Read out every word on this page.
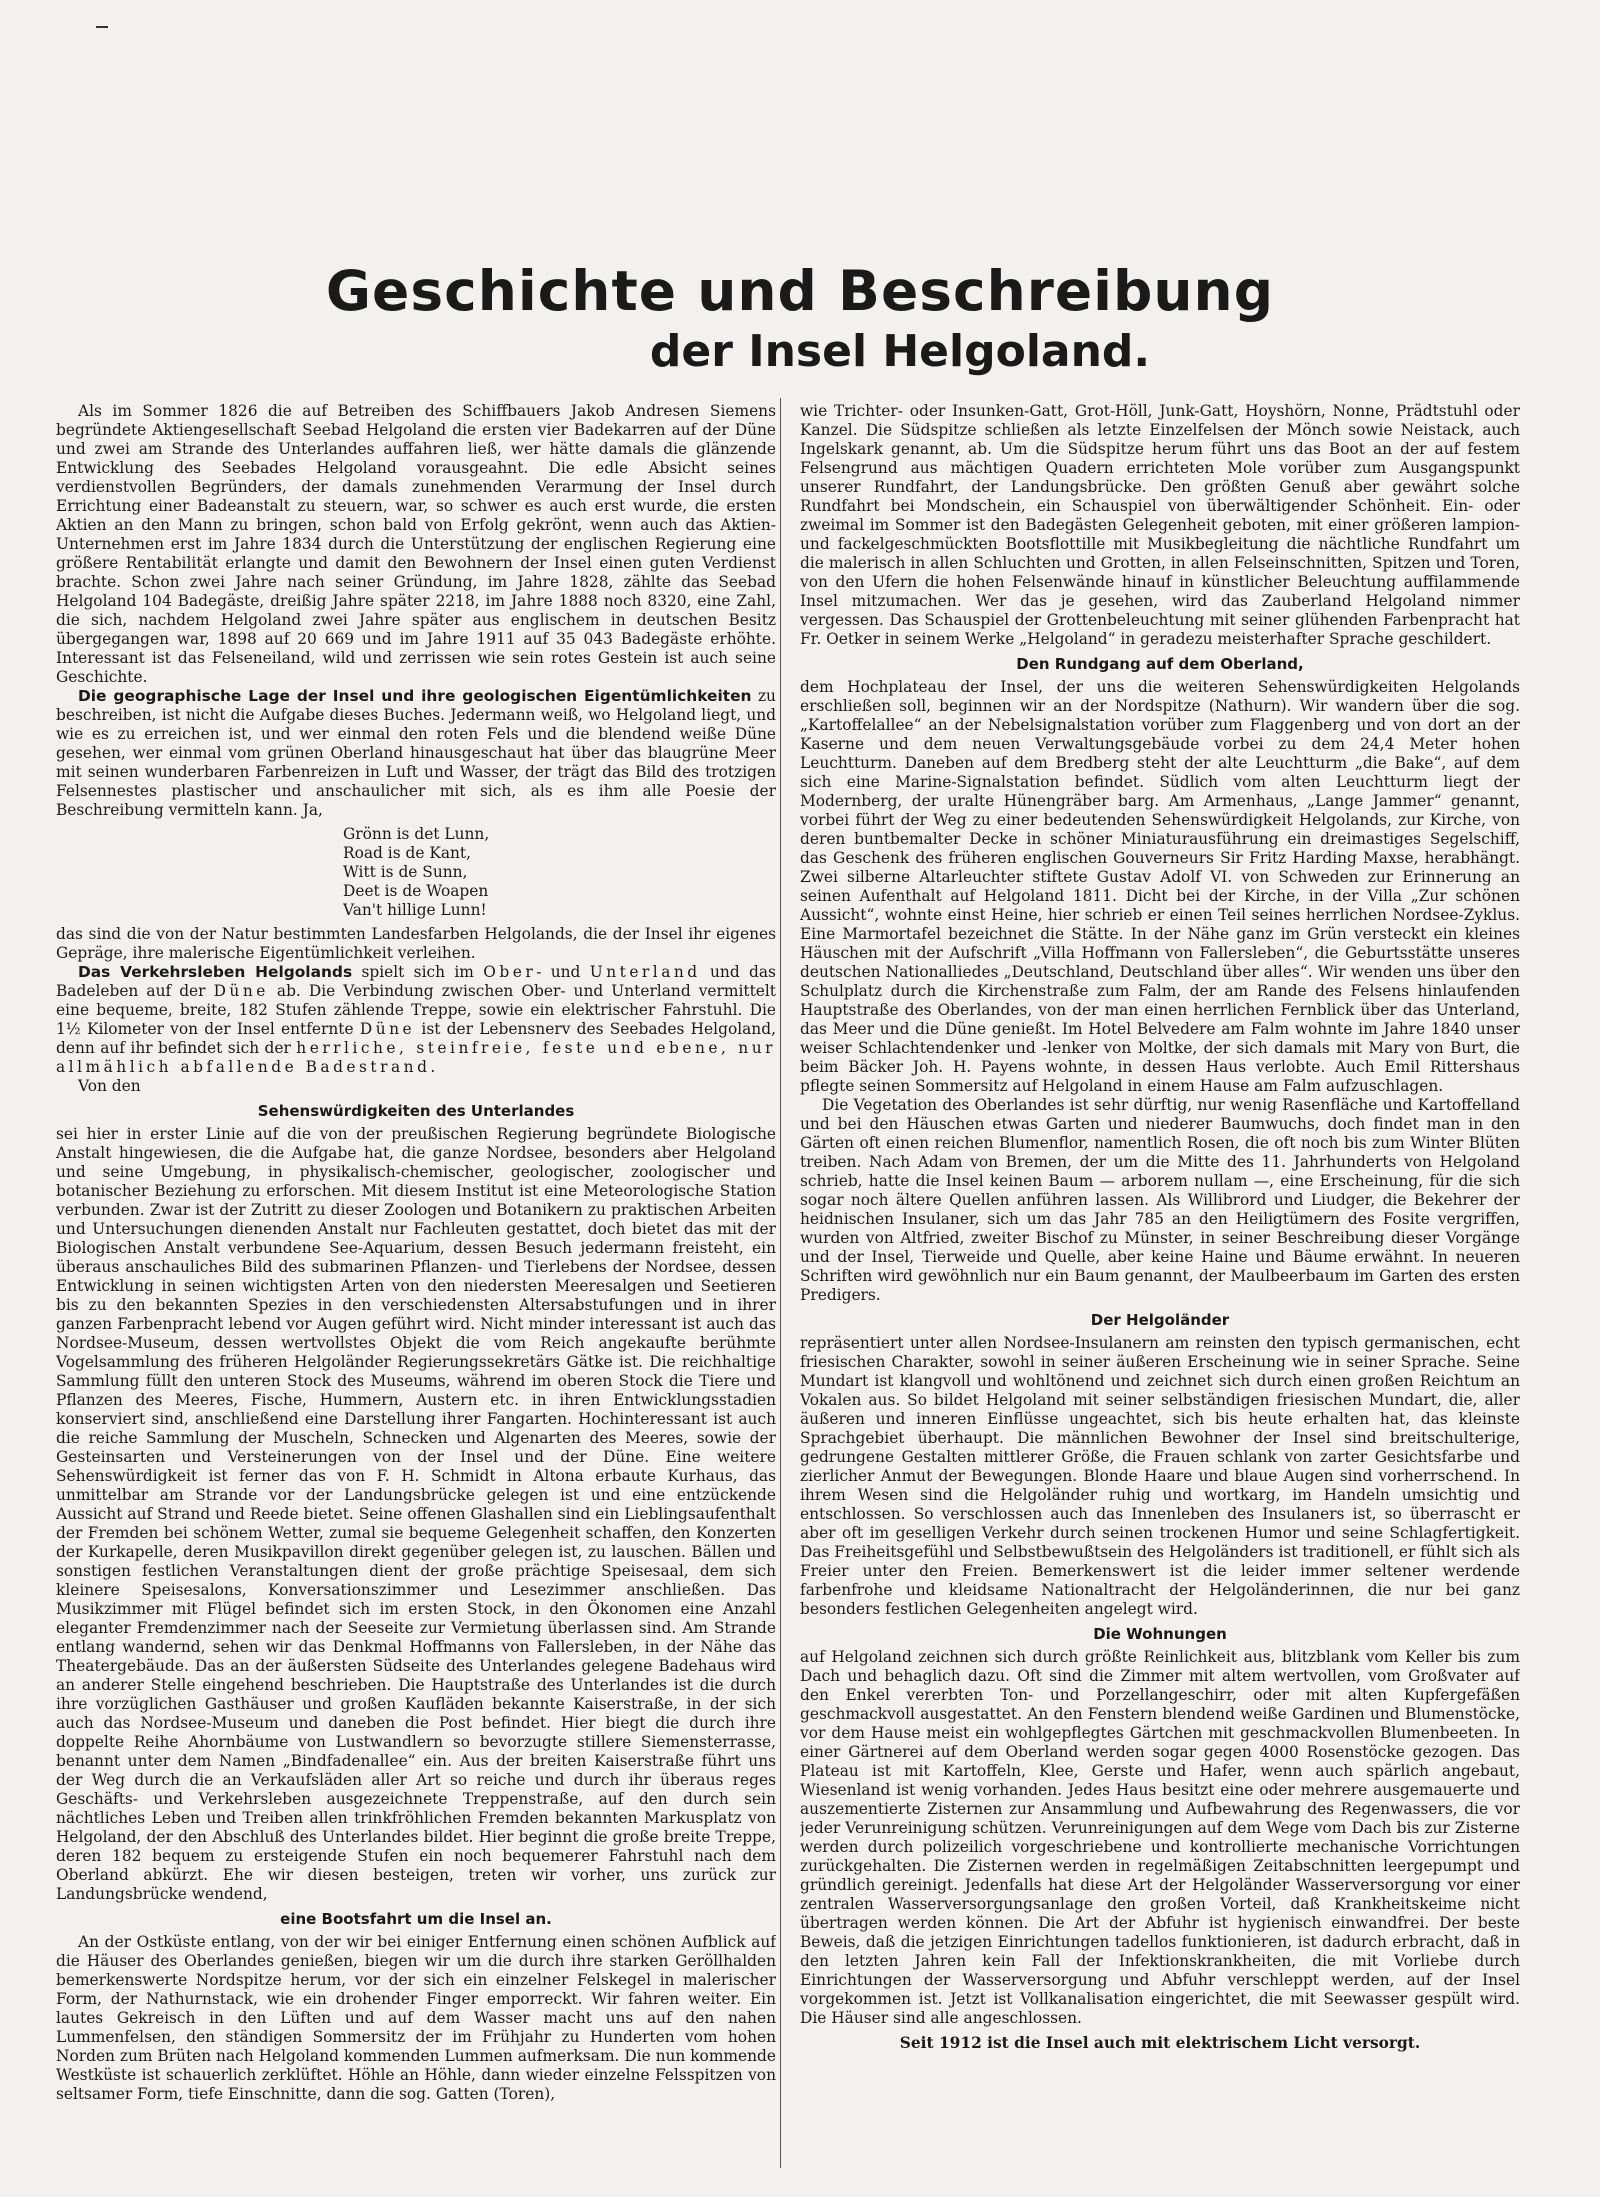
Geschichte und Beschreibung
der Insel Helgoland.

Als im Sommer 1826 die auf Betreiben des Schiffbauers Jakob Andresen Siemens begründete Aktiengesellschaft Seebad Helgoland die ersten vier Badekarren auf der Düne und zwei am Strande des Unterlandes auffahren ließ, wer hätte damals die glänzende Entwicklung des Seebades Helgoland vorausgeahnt. Die edle Absicht seines verdienstvollen Begründers, der damals zunehmenden Verarmung der Insel durch Errichtung einer Badeanstalt zu steuern, war, so schwer es auch erst wurde, die ersten Aktien an den Mann zu bringen, schon bald von Erfolg gekrönt, wenn auch das Aktien-Unternehmen erst im Jahre 1834 durch die Unterstützung der englischen Regierung eine größere Rentabilität erlangte und damit den Bewohnern der Insel einen guten Verdienst brachte. Schon zwei Jahre nach seiner Gründung, im Jahre 1828, zählte das Seebad Helgoland 104 Badegäste, dreißig Jahre später 2218, im Jahre 1888 noch 8320, eine Zahl, die sich, nachdem Helgoland zwei Jahre später aus englischem in deutschen Besitz übergegangen war, 1898 auf 20 669 und im Jahre 1911 auf 35 043 Badegäste erhöhte. Interessant ist das Felseneiland, wild und zerrissen wie sein rotes Gestein ist auch seine Geschichte.

Die geographische Lage der Insel und ihre geologischen Eigentümlichkeiten zu beschreiben, ist nicht die Aufgabe dieses Buches. Jedermann weiß, wo Helgoland liegt, und wie es zu erreichen ist, und wer einmal den roten Fels und die blendend weiße Düne gesehen, wer einmal vom grünen Oberland hinausgeschaut hat über das blaugrüne Meer mit seinen wunderbaren Farbenreizen in Luft und Wasser, der trägt das Bild des trotzigen Felsennestes plastischer und anschaulicher mit sich, als es ihm alle Poesie der Beschreibung vermitteln kann. Ja,

Grönn is det Lunn,
Road is de Kant,
Witt is de Sunn,
Deet is de Woapen
Van't hillige Lunn!

das sind die von der Natur bestimmten Landesfarben Helgolands, die der Insel ihr eigenes Gepräge, ihre malerische Eigentümlichkeit verleihen.

Das Verkehrsleben Helgolands spielt sich im Ober- und Unterland und das Badeleben auf der Düne ab. Die Verbindung zwischen Ober- und Unterland vermittelt eine bequeme, breite, 182 Stufen zählende Treppe, sowie ein elektrischer Fahrstuhl. Die 1½ Kilometer von der Insel entfernte Düne ist der Lebensnerv des Seebades Helgoland, denn auf ihr befindet sich der herrliche, steinfreie, feste und ebene, nur allmählich abfallende Badestrand.

Von den

Sehenswürdigkeiten des Unterlandes

sei hier in erster Linie auf die von der preußischen Regierung begründete Biologische Anstalt hingewiesen, die die Aufgabe hat, die ganze Nordsee, besonders aber Helgoland und seine Umgebung, in physikalisch-chemischer, geologischer, zoologischer und botanischer Beziehung zu erforschen. Mit diesem Institut ist eine Meteorologische Station verbunden. Zwar ist der Zutritt zu dieser Zoologen und Botanikern zu praktischen Arbeiten und Untersuchungen dienenden Anstalt nur Fachleuten gestattet, doch bietet das mit der Biologischen Anstalt verbundene See-Aquarium, dessen Besuch jedermann freisteht, ein überaus anschauliches Bild des submarinen Pflanzen- und Tierlebens der Nordsee, dessen Entwicklung in seinen wichtigsten Arten von den niedersten Meeresalgen und Seetieren bis zu den bekannten Spezies in den verschiedensten Altersabstufungen und in ihrer ganzen Farbenpracht lebend vor Augen geführt wird. Nicht minder interessant ist auch das Nordsee-Museum, dessen wertvollstes Objekt die vom Reich angekaufte berühmte Vogelsammlung des früheren Helgoländer Regierungssekretärs Gätke ist. Die reichhaltige Sammlung füllt den unteren Stock des Museums, während im oberen Stock die Tiere und Pflanzen des Meeres, Fische, Hummern, Austern etc. in ihren Entwicklungsstadien konserviert sind, anschließend eine Darstellung ihrer Fangarten. Hochinteressant ist auch die reiche Sammlung der Muscheln, Schnecken und Algenarten des Meeres, sowie der Gesteinsarten und Versteinerungen von der Insel und der Düne. Eine weitere Sehenswürdigkeit ist ferner das von F. H. Schmidt in Altona erbaute Kurhaus, das unmittelbar am Strande vor der Landungsbrücke gelegen ist und eine entzückende Aussicht auf Strand und Reede bietet. Seine offenen Glashallen sind ein Lieblingsaufenthalt der Fremden bei schönem Wetter, zumal sie bequeme Gelegenheit schaffen, den Konzerten der Kurkapelle, deren Musikpavillon direkt gegenüber gelegen ist, zu lauschen. Bällen und sonstigen festlichen Veranstaltungen dient der große prächtige Speisesaal, dem sich kleinere Speisesalons, Konversationszimmer und Lesezimmer anschließen. Das Musikzimmer mit Flügel befindet sich im ersten Stock, in den Ökonomen eine Anzahl eleganter Fremdenzimmer nach der Seeseite zur Vermietung überlassen sind. Am Strande entlang wandernd, sehen wir das Denkmal Hoffmanns von Fallersleben, in der Nähe das Theatergebäude. Das an der äußersten Südseite des Unterlandes gelegene Badehaus wird an anderer Stelle eingehend beschrieben. Die Hauptstraße des Unterlandes ist die durch ihre vorzüglichen Gasthäuser und großen Kaufläden bekannte Kaiserstraße, in der sich auch das Nordsee-Museum und daneben die Post befindet. Hier biegt die durch ihre doppelte Reihe Ahornbäume von Lustwandlern so bevorzugte stillere Siemensterrasse, benannt unter dem Namen „Bindfadenallee“ ein. Aus der breiten Kaiserstraße führt uns der Weg durch die an Verkaufsläden aller Art so reiche und durch ihr überaus reges Geschäfts- und Verkehrsleben ausgezeichnete Treppenstraße, auf den durch sein nächtliches Leben und Treiben allen trinkfröhlichen Fremden bekannten Markusplatz von Helgoland, der den Abschluß des Unterlandes bildet. Hier beginnt die große breite Treppe, deren 182 bequem zu ersteigende Stufen ein noch bequemerer Fahrstuhl nach dem Oberland abkürzt. Ehe wir diesen besteigen, treten wir vorher, uns zurück zur Landungsbrücke wendend,

eine Bootsfahrt um die Insel an.

An der Ostküste entlang, von der wir bei einiger Entfernung einen schönen Aufblick auf die Häuser des Oberlandes genießen, biegen wir um die durch ihre starken Geröllhalden bemerkenswerte Nordspitze herum, vor der sich ein einzelner Felskegel in malerischer Form, der Nathurnstack, wie ein drohender Finger emporreckt. Wir fahren weiter. Ein lautes Gekreisch in den Lüften und auf dem Wasser macht uns auf den nahen Lummenfelsen, den ständigen Sommersitz der im Frühjahr zu Hunderten vom hohen Norden zum Brüten nach Helgoland kommenden Lummen aufmerksam. Die nun kommende Westküste ist schauerlich zerklüftet. Höhle an Höhle, dann wieder einzelne Felsspitzen von seltsamer Form, tiefe Einschnitte, dann die sog. Gatten (Toren),

wie Trichter- oder Insunken-Gatt, Grot-Höll, Junk-Gatt, Hoyshörn, Nonne, Prädtstuhl oder Kanzel. Die Südspitze schließen als letzte Einzelfelsen der Mönch sowie Neistack, auch Ingelskark genannt, ab. Um die Südspitze herum führt uns das Boot an der auf festem Felsengrund aus mächtigen Quadern errichteten Mole vorüber zum Ausgangspunkt unserer Rundfahrt, der Landungsbrücke. Den größten Genuß aber gewährt solche Rundfahrt bei Mondschein, ein Schauspiel von überwältigender Schönheit. Ein- oder zweimal im Sommer ist den Badegästen Gelegenheit geboten, mit einer größeren lampion- und fackelgeschmückten Bootsflottille mit Musikbegleitung die nächtliche Rundfahrt um die malerisch in allen Schluchten und Grotten, in allen Felseinschnitten, Spitzen und Toren, von den Ufern die hohen Felsenwände hinauf in künstlicher Beleuchtung auffilammende Insel mitzumachen. Wer das je gesehen, wird das Zauberland Helgoland nimmer vergessen. Das Schauspiel der Grottenbeleuchtung mit seiner glühenden Farbenpracht hat Fr. Oetker in seinem Werke „Helgoland“ in geradezu meisterhafter Sprache geschildert.

Den Rundgang auf dem Oberland,

dem Hochplateau der Insel, der uns die weiteren Sehenswürdigkeiten Helgolands erschließen soll, beginnen wir an der Nordspitze (Nathurn). Wir wandern über die sog. „Kartoffelallee“ an der Nebelsignalstation vorüber zum Flaggenberg und von dort an der Kaserne und dem neuen Verwaltungsgebäude vorbei zu dem 24,4 Meter hohen Leuchtturm. Daneben auf dem Bredberg steht der alte Leuchtturm „die Bake“, auf dem sich eine Marine-Signalstation befindet. Südlich vom alten Leuchtturm liegt der Modernberg, der uralte Hünengräber barg. Am Armenhaus, „Lange Jammer“ genannt, vorbei führt der Weg zu einer bedeutenden Sehenswürdigkeit Helgolands, zur Kirche, von deren buntbemalter Decke in schöner Miniaturausführung ein dreimastiges Segelschiff, das Geschenk des früheren englischen Gouverneurs Sir Fritz Harding Maxse, herabhängt. Zwei silberne Altarleuchter stiftete Gustav Adolf VI. von Schweden zur Erinnerung an seinen Aufenthalt auf Helgoland 1811. Dicht bei der Kirche, in der Villa „Zur schönen Aussicht“, wohnte einst Heine, hier schrieb er einen Teil seines herrlichen Nordsee-Zyklus. Eine Marmortafel bezeichnet die Stätte. In der Nähe ganz im Grün versteckt ein kleines Häuschen mit der Aufschrift „Villa Hoffmann von Fallersleben“, die Geburtsstätte unseres deutschen Nationalliedes „Deutschland, Deutschland über alles“. Wir wenden uns über den Schulplatz durch die Kirchenstraße zum Falm, der am Rande des Felsens hinlaufenden Hauptstraße des Oberlandes, von der man einen herrlichen Fernblick über das Unterland, das Meer und die Düne genießt. Im Hotel Belvedere am Falm wohnte im Jahre 1840 unser weiser Schlachtendenker und -lenker von Moltke, der sich damals mit Mary von Burt, die beim Bäcker Joh. H. Payens wohnte, in dessen Haus verlobte. Auch Emil Rittershaus pflegte seinen Sommersitz auf Helgoland in einem Hause am Falm aufzuschlagen.

Die Vegetation des Oberlandes ist sehr dürftig, nur wenig Rasenfläche und Kartoffelland und bei den Häuschen etwas Garten und niederer Baumwuchs, doch findet man in den Gärten oft einen reichen Blumenflor, namentlich Rosen, die oft noch bis zum Winter Blüten treiben. Nach Adam von Bremen, der um die Mitte des 11. Jahrhunderts von Helgoland schrieb, hatte die Insel keinen Baum — arborem nullam —, eine Erscheinung, für die sich sogar noch ältere Quellen anführen lassen. Als Willibrord und Liudger, die Bekehrer der heidnischen Insulaner, sich um das Jahr 785 an den Heiligtümern des Fosite vergriffen, wurden von Altfried, zweiter Bischof zu Münster, in seiner Beschreibung dieser Vorgänge und der Insel, Tierweide und Quelle, aber keine Haine und Bäume erwähnt. In neueren Schriften wird gewöhnlich nur ein Baum genannt, der Maulbeerbaum im Garten des ersten Predigers.

Der Helgoländer

repräsentiert unter allen Nordsee-Insulanern am reinsten den typisch germanischen, echt friesischen Charakter, sowohl in seiner äußeren Erscheinung wie in seiner Sprache. Seine Mundart ist klangvoll und wohltönend und zeichnet sich durch einen großen Reichtum an Vokalen aus. So bildet Helgoland mit seiner selbständigen friesischen Mundart, die, aller äußeren und inneren Einflüsse ungeachtet, sich bis heute erhalten hat, das kleinste Sprachgebiet überhaupt. Die männlichen Bewohner der Insel sind breitschulterige, gedrungene Gestalten mittlerer Größe, die Frauen schlank von zarter Gesichtsfarbe und zierlicher Anmut der Bewegungen. Blonde Haare und blaue Augen sind vorherrschend. In ihrem Wesen sind die Helgoländer ruhig und wortkarg, im Handeln umsichtig und entschlossen. So verschlossen auch das Innenleben des Insulaners ist, so überrascht er aber oft im geselligen Verkehr durch seinen trockenen Humor und seine Schlagfertigkeit. Das Freiheitsgefühl und Selbstbewußtsein des Helgoländers ist traditionell, er fühlt sich als Freier unter den Freien. Bemerkenswert ist die leider immer seltener werdende farbenfrohe und kleidsame Nationaltracht der Helgoländerinnen, die nur bei ganz besonders festlichen Gelegenheiten angelegt wird.

Die Wohnungen

auf Helgoland zeichnen sich durch größte Reinlichkeit aus, blitzblank vom Keller bis zum Dach und behaglich dazu. Oft sind die Zimmer mit altem wertvollen, vom Großvater auf den Enkel vererbten Ton- und Porzellangeschirr, oder mit alten Kupfergefäßen geschmackvoll ausgestattet. An den Fenstern blendend weiße Gardinen und Blumenstöcke, vor dem Hause meist ein wohlgepflegtes Gärtchen mit geschmackvollen Blumenbeeten. In einer Gärtnerei auf dem Oberland werden sogar gegen 4000 Rosenstöcke gezogen. Das Plateau ist mit Kartoffeln, Klee, Gerste und Hafer, wenn auch spärlich angebaut, Wiesenland ist wenig vorhanden. Jedes Haus besitzt eine oder mehrere ausgemauerte und auszementierte Zisternen zur Ansammlung und Aufbewahrung des Regenwassers, die vor jeder Verunreinigung schützen. Verunreinigungen auf dem Wege vom Dach bis zur Zisterne werden durch polizeilich vorgeschriebene und kontrollierte mechanische Vorrichtungen zurückgehalten. Die Zisternen werden in regelmäßigen Zeitabschnitten leergepumpt und gründlich gereinigt. Jedenfalls hat diese Art der Helgoländer Wasserversorgung vor einer zentralen Wasserversorgungsanlage den großen Vorteil, daß Krankheitskeime nicht übertragen werden können. Die Art der Abfuhr ist hygienisch einwandfrei. Der beste Beweis, daß die jetzigen Einrichtungen tadellos funktionieren, ist dadurch erbracht, daß in den letzten Jahren kein Fall der Infektionskrankheiten, die mit Vorliebe durch Einrichtungen der Wasserversorgung und Abfuhr verschleppt werden, auf der Insel vorgekommen ist. Jetzt ist Vollkanalisation eingerichtet, die mit Seewasser gespült wird. Die Häuser sind alle angeschlossen.

Seit 1912 ist die Insel auch mit elektrischem Licht versorgt.
